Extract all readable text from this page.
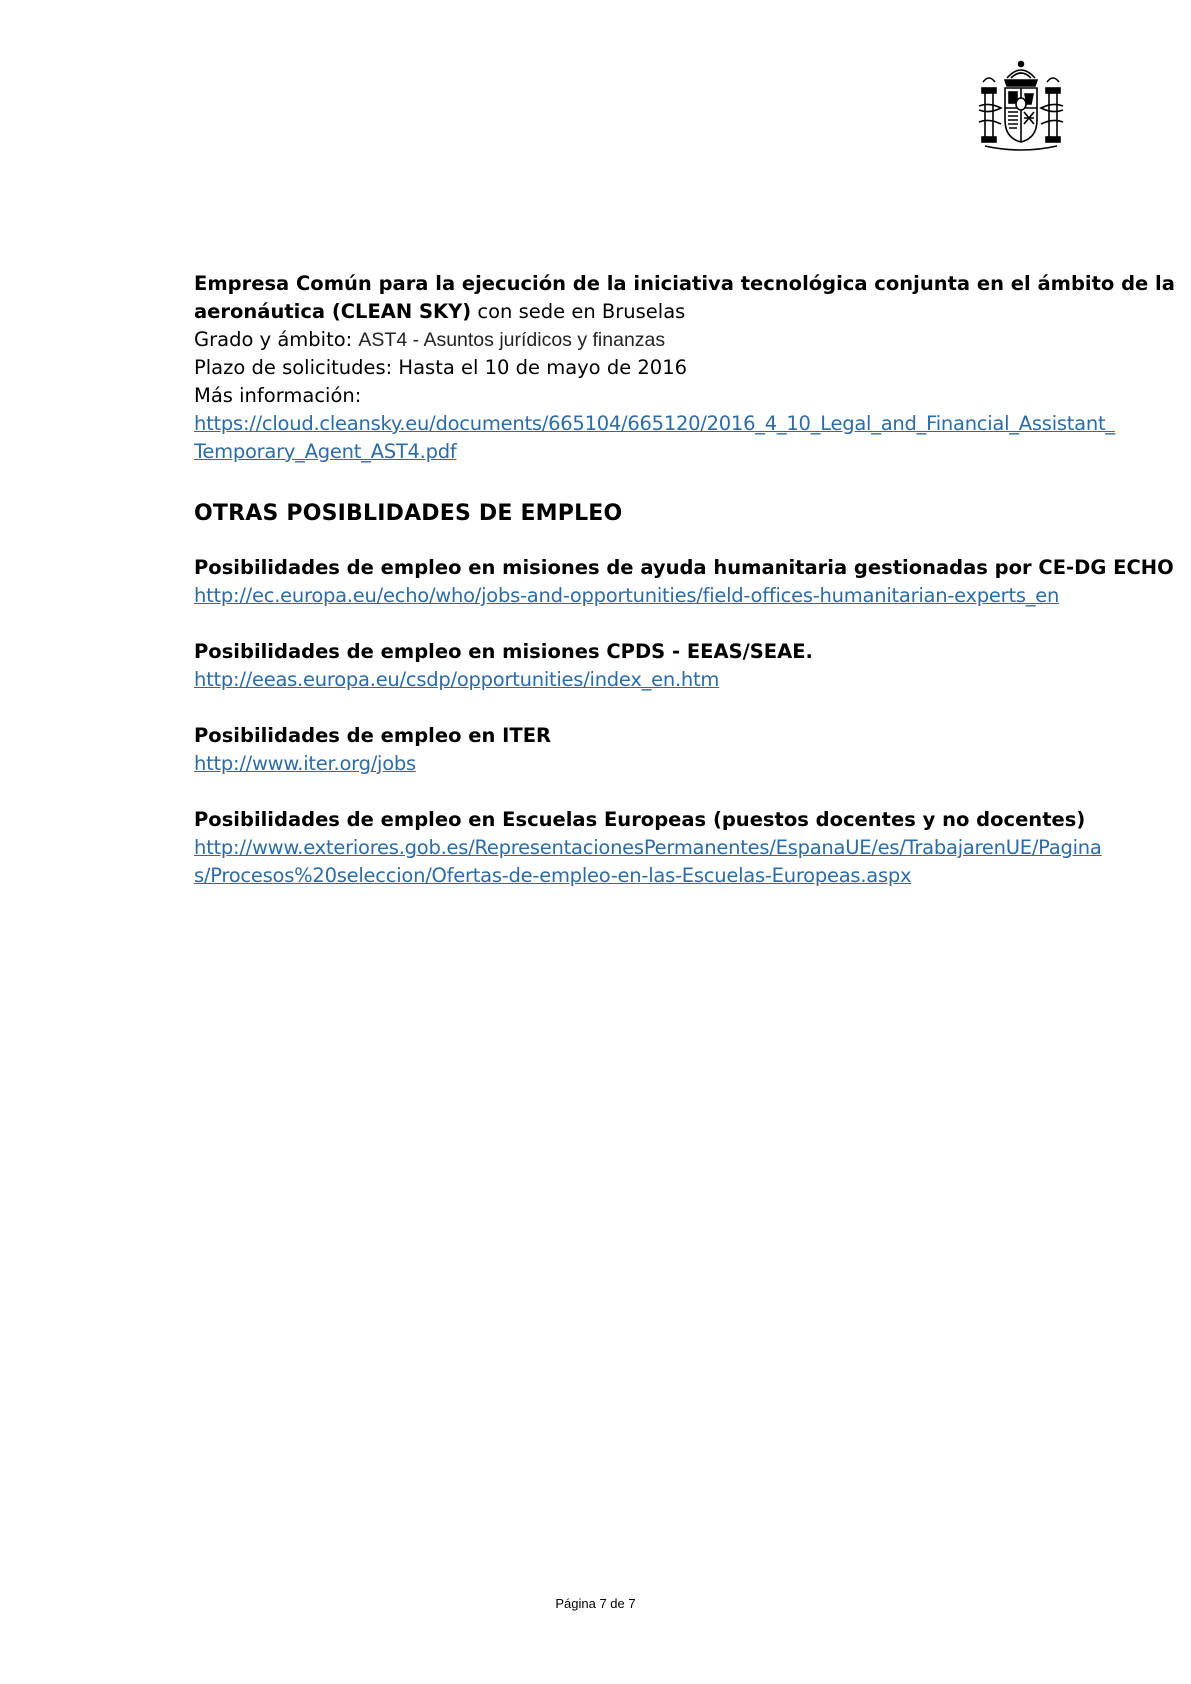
Empresa Común para la ejecución de la iniciativa tecnológica conjunta en el ámbito de la
aeronáutica (CLEAN SKY) con sede en Bruselas
Grado y ámbito: AST4 - Asuntos jurídicos y finanzas
Plazo de solicitudes: Hasta el 10 de mayo de 2016
Más información:
https://cloud.cleansky.eu/documents/665104/665120/2016_4_10_Legal_and_Financial_Assistant_
Temporary_Agent_AST4.pdf
OTRAS POSIBLIDADES DE EMPLEO
Posibilidades de empleo en misiones de ayuda humanitaria gestionadas por CE-DG ECHO
http://ec.europa.eu/echo/who/jobs-and-opportunities/field-offices-humanitarian-experts_en
Posibilidades de empleo en misiones CPDS - EEAS/SEAE.
http://eeas.europa.eu/csdp/opportunities/index_en.htm
Posibilidades de empleo en ITER
http://www.iter.org/jobs
Posibilidades de empleo en Escuelas Europeas (puestos docentes y no docentes)
http://www.exteriores.gob.es/RepresentacionesPermanentes/EspanaUE/es/TrabajarenUE/Pagina
s/Procesos%20seleccion/Ofertas-de-empleo-en-las-Escuelas-Europeas.aspx
Página 7 de 7
